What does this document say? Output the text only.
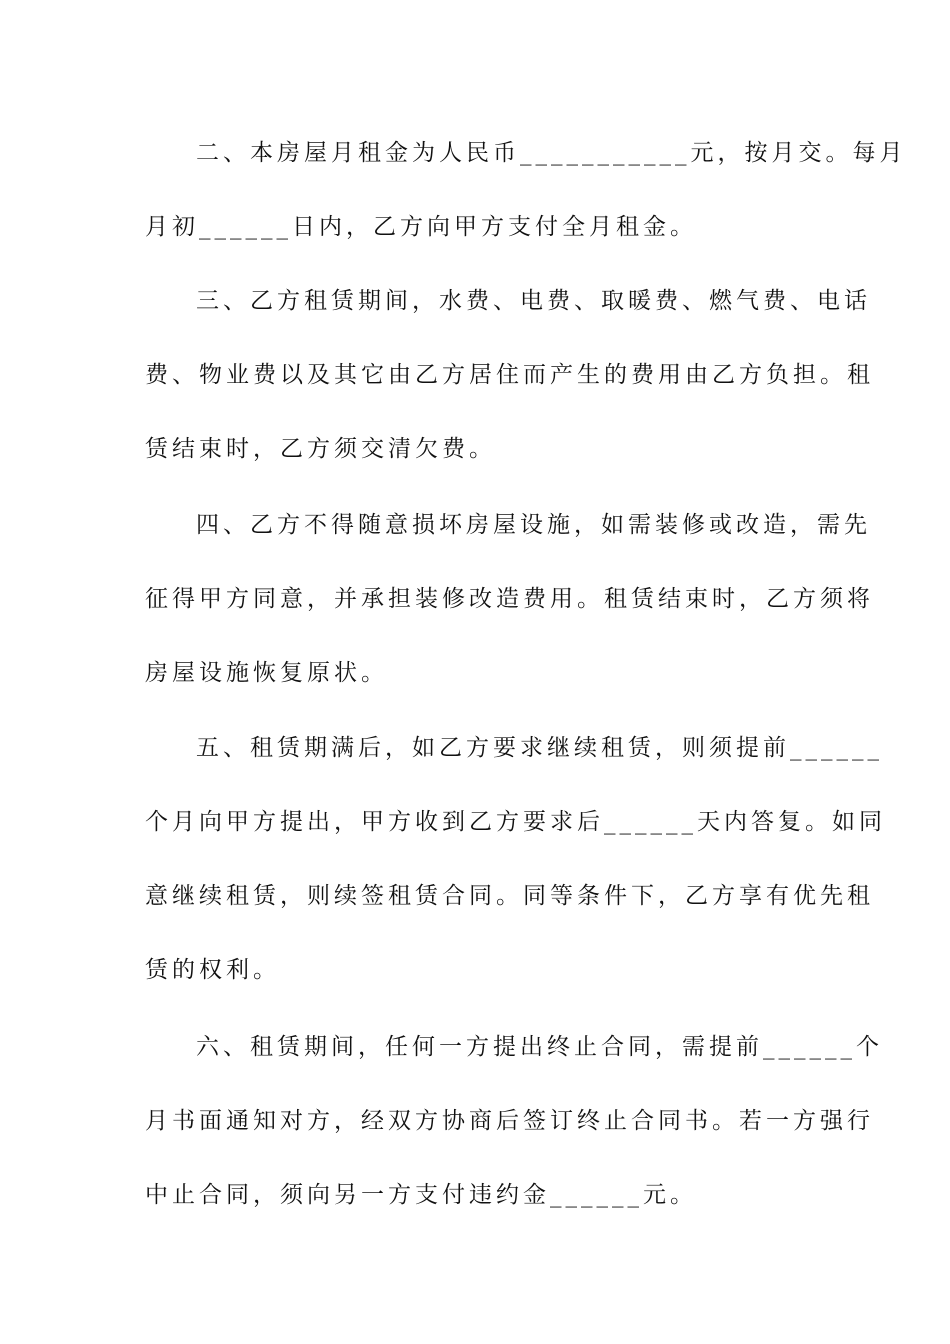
二、本房屋月租金为人民币___________元，按月交。每月
月初______日内，乙方向甲方支付全月租金。
三、乙方租赁期间，水费、电费、取暖费、燃气费、电话
费、物业费以及其它由乙方居住而产生的费用由乙方负担。租
赁结束时，乙方须交清欠费。
四、乙方不得随意损坏房屋设施，如需装修或改造，需先
征得甲方同意，并承担装修改造费用。租赁结束时，乙方须将
房屋设施恢复原状。
五、租赁期满后，如乙方要求继续租赁，则须提前______
个月向甲方提出，甲方收到乙方要求后______天内答复。如同
意继续租赁，则续签租赁合同。同等条件下，乙方享有优先租
赁的权利。
六、租赁期间，任何一方提出终止合同，需提前______个
月书面通知对方，经双方协商后签订终止合同书。若一方强行
中止合同，须向另一方支付违约金______元。
